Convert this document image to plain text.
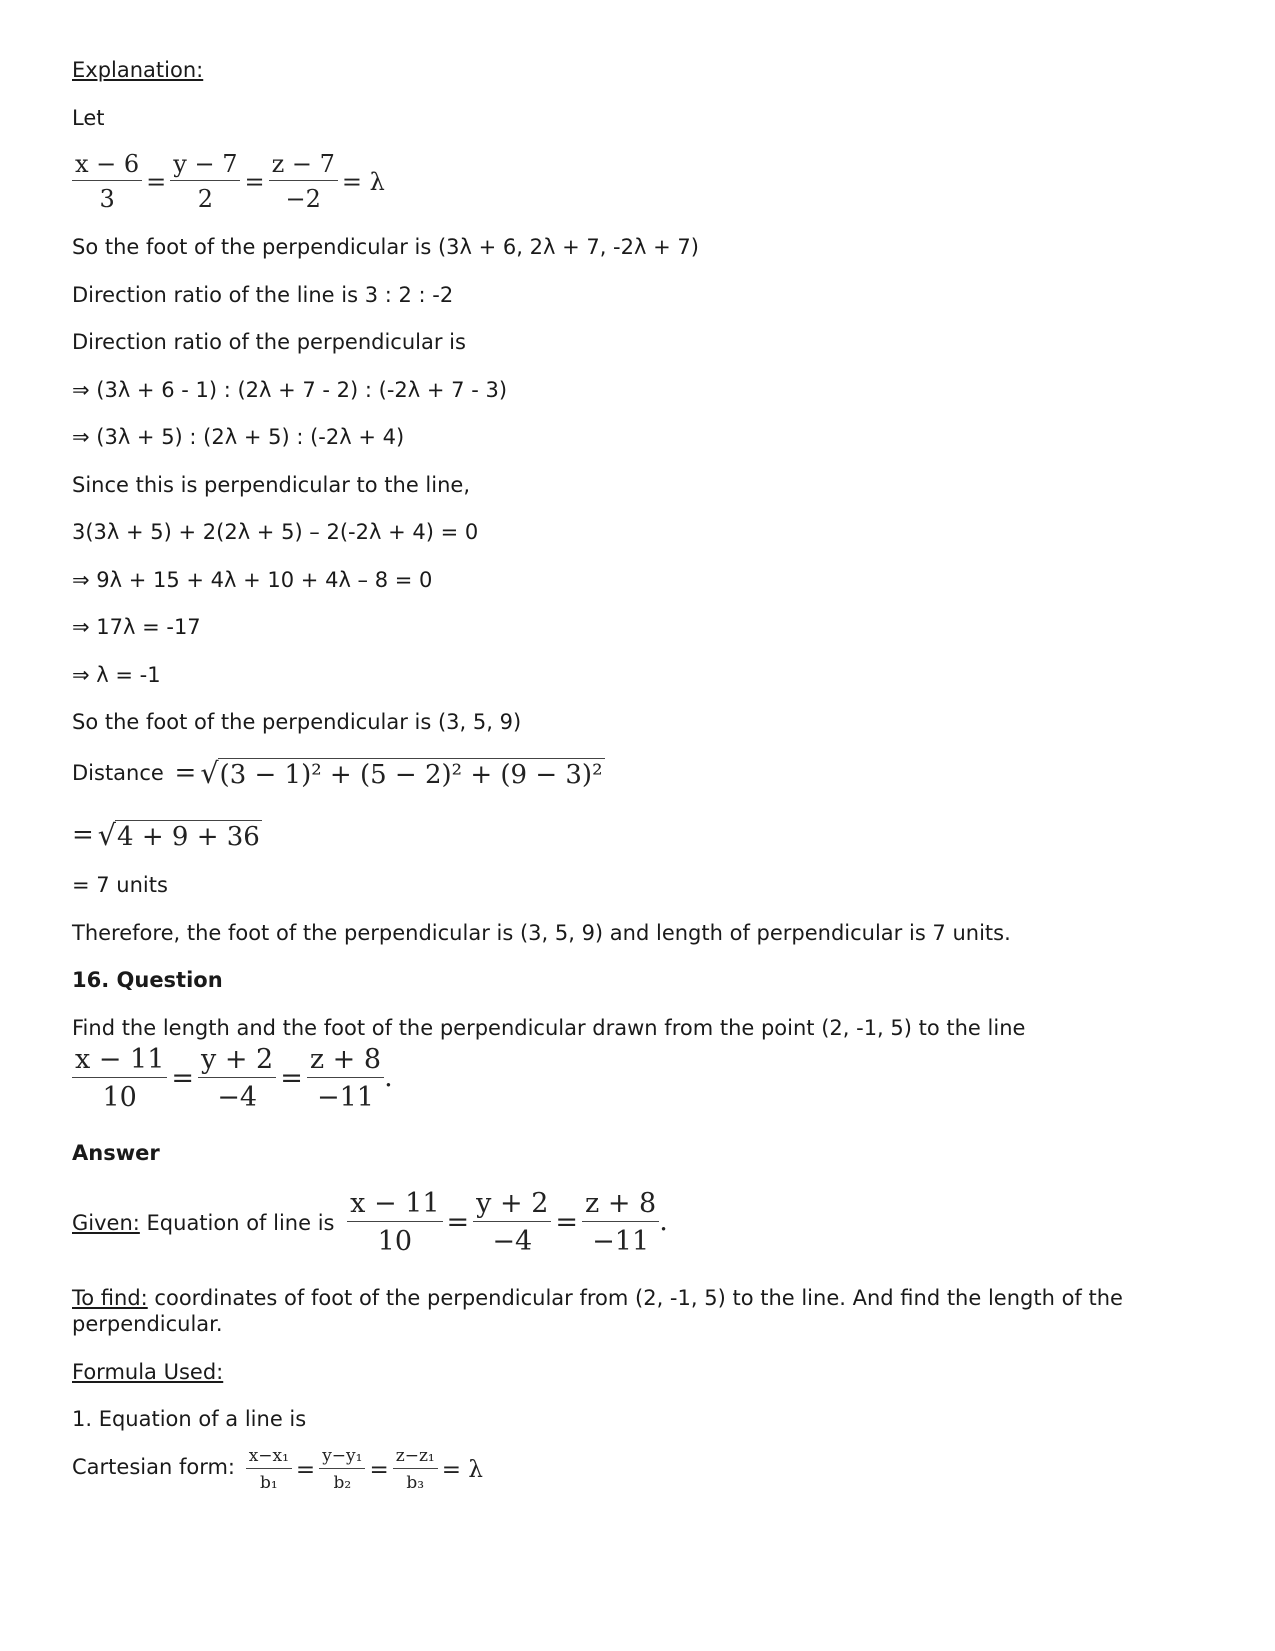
Explanation:
Let
$\frac{x - 6}{3} = \frac{y - 7}{2} = \frac{z - 7}{-2} = \lambda$
So the foot of the perpendicular is (3λ + 6, 2λ + 7, -2λ + 7)
Direction ratio of the line is 3 : 2 : -2
Direction ratio of the perpendicular is
⇒ (3λ + 6 - 1) : (2λ + 7 - 2) : (-2λ + 7 - 3)
⇒ (3λ + 5) : (2λ + 5) : (-2λ + 4)
Since this is perpendicular to the line,
3(3λ + 5) + 2(2λ + 5) – 2(-2λ + 4) = 0
⇒ 9λ + 15 + 4λ + 10 + 4λ – 8 = 0
⇒ 17λ = -17
⇒ λ = -1
So the foot of the perpendicular is (3, 5, 9)
Distance = √(3 − 1)² + (5 − 2)² + (9 − 3)²
= √4 + 9 + 36
= 7 units
Therefore, the foot of the perpendicular is (3, 5, 9) and length of perpendicular is 7 units.
16. Question
Find the length and the foot of the perpendicular drawn from the point (2, -1, 5) to the line
$\frac{x - 11}{10} = \frac{y + 2}{-4} = \frac{z + 8}{-11}$ .
Answer
Given: Equation of line is $\frac{x - 11}{10} = \frac{y + 2}{-4} = \frac{z + 8}{-11}$ .
To find: coordinates of foot of the perpendicular from (2, -1, 5) to the line. And find the length of the
perpendicular.
Formula Used:
1. Equation of a line is
Cartesian form: $\frac{\text{x−x₁}}{\text{b₁}} = \frac{\text{y−y₁}}{\text{b₂}} = \frac{\text{z−z₁}}{\text{b₃}} = \lambda$
